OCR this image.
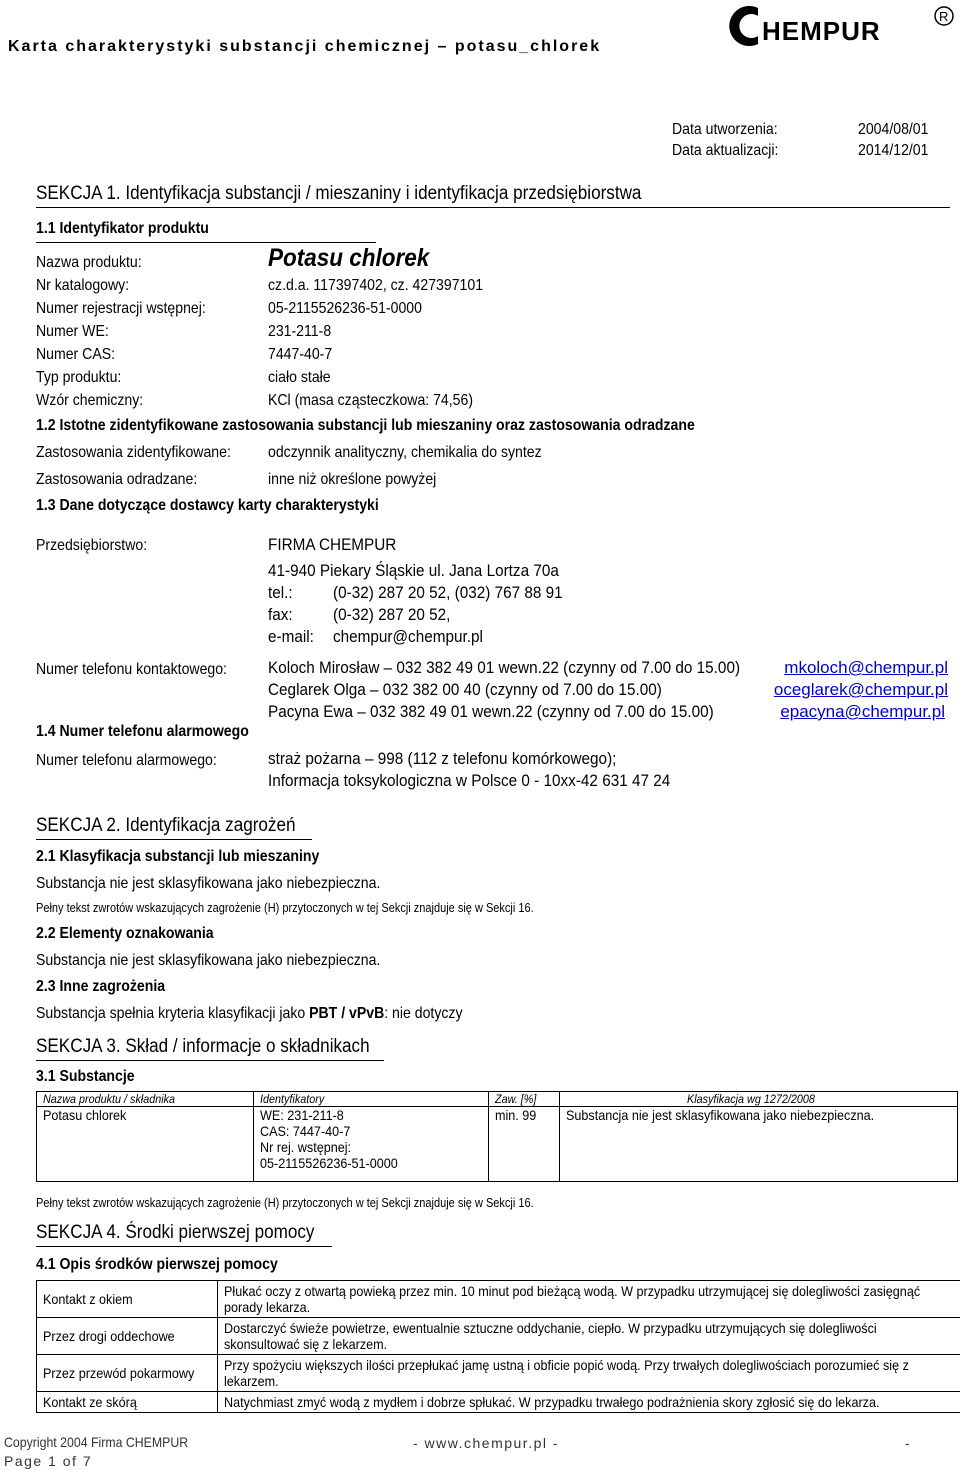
Karta charakterystyki substancji chemicznej – potasu_chlorek
HEMPUR	R
Data utworzenia:	2004/08/01
Data aktualizacji:	2014/12/01
SEKCJA 1. Identyfikacja substancji / mieszaniny i identyfikacja przedsiębiorstwa
1.1 Identyfikator produktu
Nazwa produktu:	Potasu chlorek
Nr katalogowy:	cz.d.a. 117397402, cz. 427397101
Numer rejestracji wstępnej:	05-2115526236-51-0000
Numer WE:	231-211-8
Numer CAS:	7447-40-7
Typ produktu:	ciało stałe
Wzór chemiczny:	KCl (masa cząsteczkowa: 74,56)
1.2 Istotne zidentyfikowane zastosowania substancji lub mieszaniny oraz zastosowania odradzane
Zastosowania zidentyfikowane: odczynnik analityczny, chemikalia do syntez
Zastosowania odradzane:	inne niż określone powyżej
1.3 Dane dotyczące dostawcy karty charakterystyki
Przedsiębiorstwo:	FIRMA CHEMPUR
41-940 Piekary Śląskie ul. Jana Lortza 70a
tel.: (0-32) 287 20 52, (032) 767 88 91
fax: (0-32) 287 20 52,
e-mail: chempur@chempur.pl
Numer telefonu kontaktowego: Koloch Mirosław – 032 382 49 01 wewn.22 (czynny od 7.00 do 15.00)
Ceglarek Olga – 032 382 00 40 (czynny od 7.00 do 15.00)
Pacyna Ewa – 032 382 49 01 wewn.22 (czynny od 7.00 do 15.00)
mkoloch@chempur.pl
oceglarek@chempur.pl
epacyna@chempur.pl
1.4 Numer telefonu alarmowego
Numer telefonu alarmowego:	straż pożarna – 998 (112 z telefonu komórkowego);
Informacja toksykologiczna w Polsce 0 - 10xx-42 631 47 24
SEKCJA 2. Identyfikacja zagrożeń
2.1 Klasyfikacja substancji lub mieszaniny
Substancja nie jest sklasyfikowana jako niebezpieczna.
Pełny tekst zwrotów wskazujących zagrożenie (H) przytoczonych w tej Sekcji znajduje się w Sekcji 16.
2.2 Elementy oznakowania
Substancja nie jest sklasyfikowana jako niebezpieczna.
2.3 Inne zagrożenia
Substancja spełnia kryteria klasyfikacji jako PBT / vPvB: nie dotyczy
SEKCJA 3. Skład / informacje o składnikach
3.1 Substancje
Nazwa produktu / składnika	Identyfikatory	Zaw. [%]	Klasyfikacja wg 1272/2008
Potasu chlorek	WE: 231-211-8
CAS: 7447-40-7
Nr rej. wstępnej:
05-2115526236-51-0000	min. 99	Substancja nie jest sklasyfikowana jako niebezpieczna.
Pełny tekst zwrotów wskazujących zagrożenie (H) przytoczonych w tej Sekcji znajduje się w Sekcji 16.
SEKCJA 4. Środki pierwszej pomocy
4.1 Opis środków pierwszej pomocy
Kontakt z okiem	Płukać oczy z otwartą powieką przez min. 10 minut pod bieżącą wodą. W przypadku utrzymującej się dolegliwości zasięgnąć porady lekarza.
Przez drogi oddechowe	Dostarczyć świeże powietrze, ewentualnie sztuczne oddychanie, ciepło. W przypadku utrzymujących się dolegliwości skonsultować się z lekarzem.
Przez przewód pokarmowy	Przy spożyciu większych ilości przepłukać jamę ustną i obficie popić wodą. Przy trwałych dolegliwościach porozumieć się z lekarzem.
Kontakt ze skórą	Natychmiast zmyć wodą z mydłem i dobrze spłukać. W przypadku trwałego podrażnienia skory zgłosić się do lekarza.
Copyright 2004 Firma CHEMPUR	- www.chempur.pl -	-
Page 1 of 7
